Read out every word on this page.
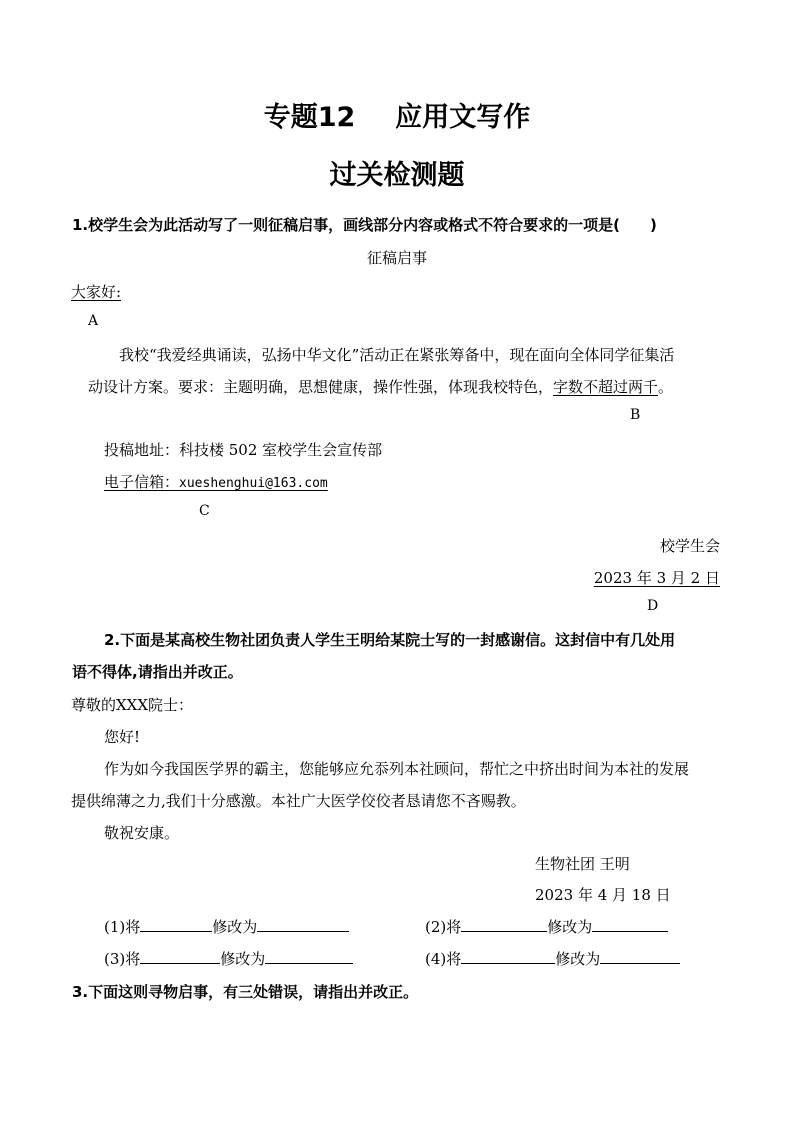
专题12 应用文写作
过关检测题
1.校学生会为此活动写了一则征稿启事，画线部分内容或格式不符合要求的一项是(　　)
征稿启事
大家好:
A
我校“我爱经典诵读，弘扬中华文化”活动正在紧张筹备中，现在面向全体同学征集活
动设计方案。要求：主题明确，思想健康，操作性强，体现我校特色，字数不超过两千。
B
投稿地址：科技楼 502 室校学生会宣传部
电子信箱：xueshenghui@163.com
C
校学生会
2023 年 3 月 2 日
D
2.下面是某高校生物社团负责人学生王明给某院士写的一封感谢信。这封信中有几处用
语不得体,请指出并改正。
尊敬的XXX院士：
您好!
作为如今我国医学界的霸主，您能够应允忝列本社顾问，帮忙之中挤出时间为本社的发展
提供绵薄之力,我们十分感激。本社广大医学佼佼者恳请您不吝赐教。
敬祝安康。
生物社团 王明
2023 年 4 月 18 日
(1)将	修改为	(2)将	修改为
(3)将	修改为	(4)将	修改为
3.下面这则寻物启事，有三处错误，请指出并改正。
